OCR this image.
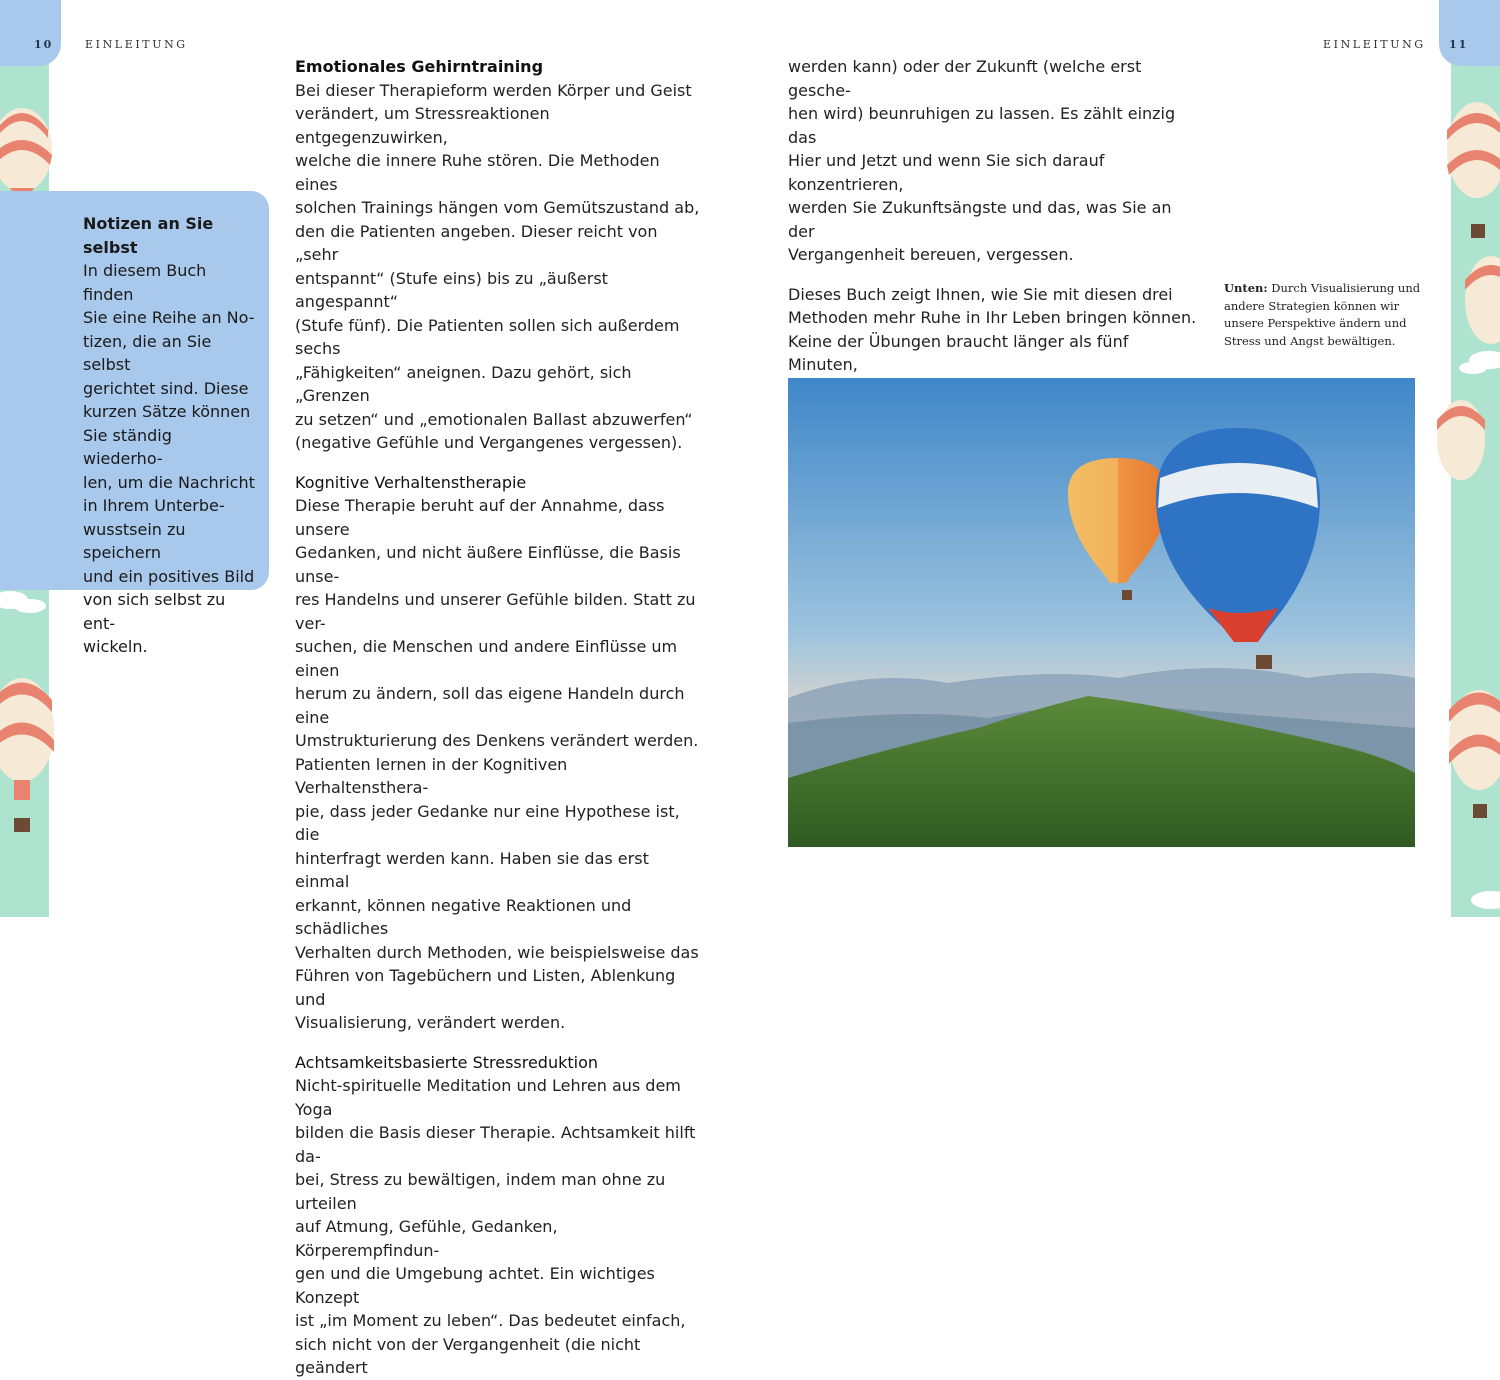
10	EINLEITUNG	EINLEITUNG 11

Notizen an Sie selbst

In diesem Buch finden

Sie eine Reihe an No-

tizen, die an Sie selbst

gerichtet sind. Diese

kurzen Sätze können

Sie ständig wiederho-

len, um die Nachricht

in Ihrem Unterbe-

wusstsein zu speichern

und ein positives Bild

von sich selbst zu ent-

wickeln.

Emotionales Gehirntraining

Bei dieser Therapieform werden Körper und Geist

verändert, um Stressreaktionen entgegenzuwirken,

welche die innere Ruhe stören. Die Methoden eines

solchen Trainings hängen vom Gemütszustand ab,

den die Patienten angeben. Dieser reicht von „sehr

entspannt“ (Stufe eins) bis zu „äußerst angespannt“

(Stufe fünf). Die Patienten sollen sich außerdem sechs

„Fähigkeiten“ aneignen. Dazu gehört, sich „Grenzen

zu setzen“ und „emotionalen Ballast abzuwerfen“

(negative Gefühle und Vergangenes vergessen).

Kognitive Verhaltenstherapie

Diese Therapie beruht auf der Annahme, dass unsere

Gedanken, und nicht äußere Einflüsse, die Basis unse-

res Handelns und unserer Gefühle bilden. Statt zu ver-

suchen, die Menschen und andere Einflüsse um einen

herum zu ändern, soll das eigene Handeln durch eine

Umstrukturierung des Denkens verändert werden.

Patienten lernen in der Kognitiven Verhaltensthera-

pie, dass jeder Gedanke nur eine Hypothese ist, die

hinterfragt werden kann. Haben sie das erst einmal

erkannt, können negative Reaktionen und schädliches

Verhalten durch Methoden, wie beispielsweise das

Führen von Tagebüchern und Listen, Ablenkung und

Visualisierung, verändert werden.

Achtsamkeitsbasierte Stressreduktion

Nicht-spirituelle Meditation und Lehren aus dem Yoga

bilden die Basis dieser Therapie. Achtsamkeit hilft da-

bei, Stress zu bewältigen, indem man ohne zu urteilen

auf Atmung, Gefühle, Gedanken, Körperempfindun-

gen und die Umgebung achtet. Ein wichtiges Konzept

ist „im Moment zu leben“. Das bedeutet einfach,

sich nicht von der Vergangenheit (die nicht geändert

werden kann) oder der Zukunft (welche erst gesche-

hen wird) beunruhigen zu lassen. Es zählt einzig das

Hier und Jetzt und wenn Sie sich darauf konzentrieren,

werden Sie Zukunftsängste und das, was Sie an der

Vergangenheit bereuen, vergessen.

Dieses Buch zeigt Ihnen, wie Sie mit diesen drei

Methoden mehr Ruhe in Ihr Leben bringen können.

Keine der Übungen braucht länger als fünf Minuten,

Unten: Durch Visualisierung und

andere Strategien können wir

unsere Perspektive ändern und

Stress und Angst bewältigen.
